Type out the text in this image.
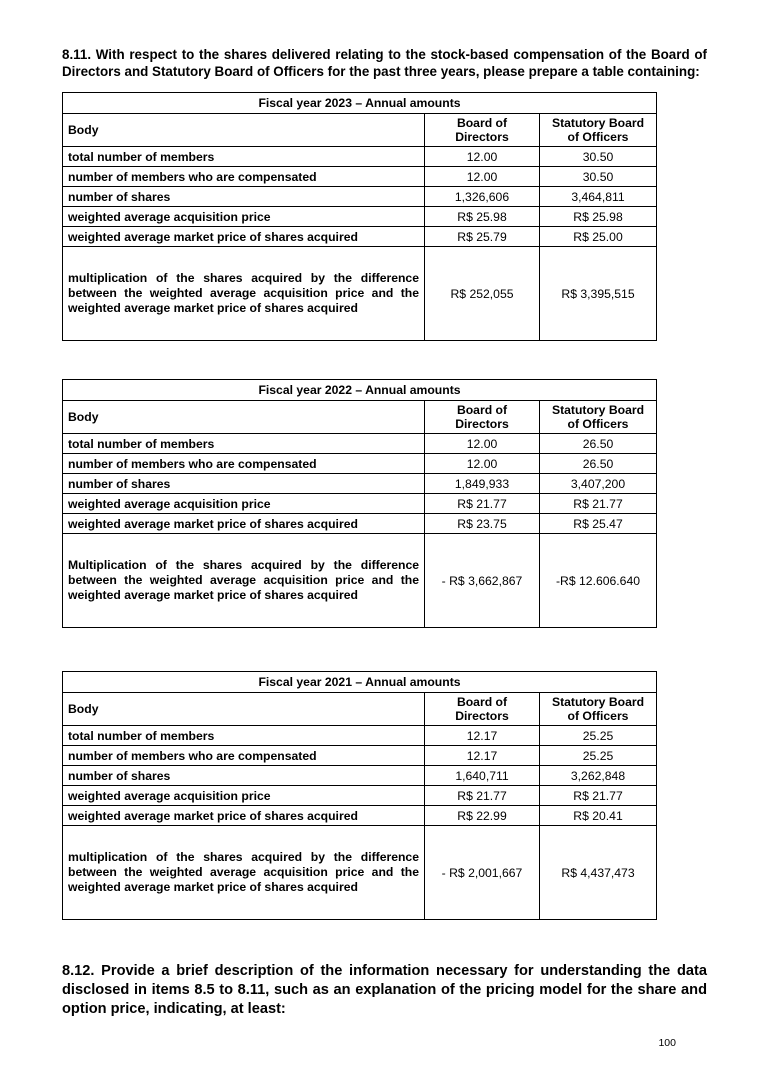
8.11. With respect to the shares delivered relating to the stock-based compensation of the Board of Directors and Statutory Board of Officers for the past three years, please prepare a table containing:

Fiscal year 2023 – Annual amounts		
Body	Board of Directors	Statutory Board of Officers
total number of members	12.00	30.50
number of members who are compensated	12.00	30.50
number of shares	1,326,606	3,464,811
weighted average acquisition price	R$ 25.98	R$ 25.98
weighted average market price of shares acquired	R$ 25.79	R$ 25.00
multiplication of the shares acquired by the difference between the weighted average acquisition price and the weighted average market price of shares acquired	R$ 252,055	R$ 3,395,515
Fiscal year 2022 – Annual amounts		
Body	Board of Directors	Statutory Board of Officers
total number of members	12.00	26.50
number of members who are compensated	12.00	26.50
number of shares	1,849,933	3,407,200
weighted average acquisition price	R$ 21.77	R$ 21.77
weighted average market price of shares acquired	R$ 23.75	R$ 25.47
Multiplication of the shares acquired by the difference between the weighted average acquisition price and the weighted average market price of shares acquired	- R$ 3,662,867	-R$ 12.606.640
Fiscal year 2021 – Annual amounts		
Body	Board of Directors	Statutory Board of Officers
total number of members	12.17	25.25
number of members who are compensated	12.17	25.25
number of shares	1,640,711	3,262,848
weighted average acquisition price	R$ 21.77	R$ 21.77
weighted average market price of shares acquired	R$ 22.99	R$ 20.41
multiplication of the shares acquired by the difference between the weighted average acquisition price and the weighted average market price of shares acquired	- R$ 2,001,667	R$ 4,437,473

8.12. Provide a brief description of the information necessary for understanding the data disclosed in items 8.5 to 8.11, such as an explanation of the pricing model for the share and option price, indicating, at least:

100
